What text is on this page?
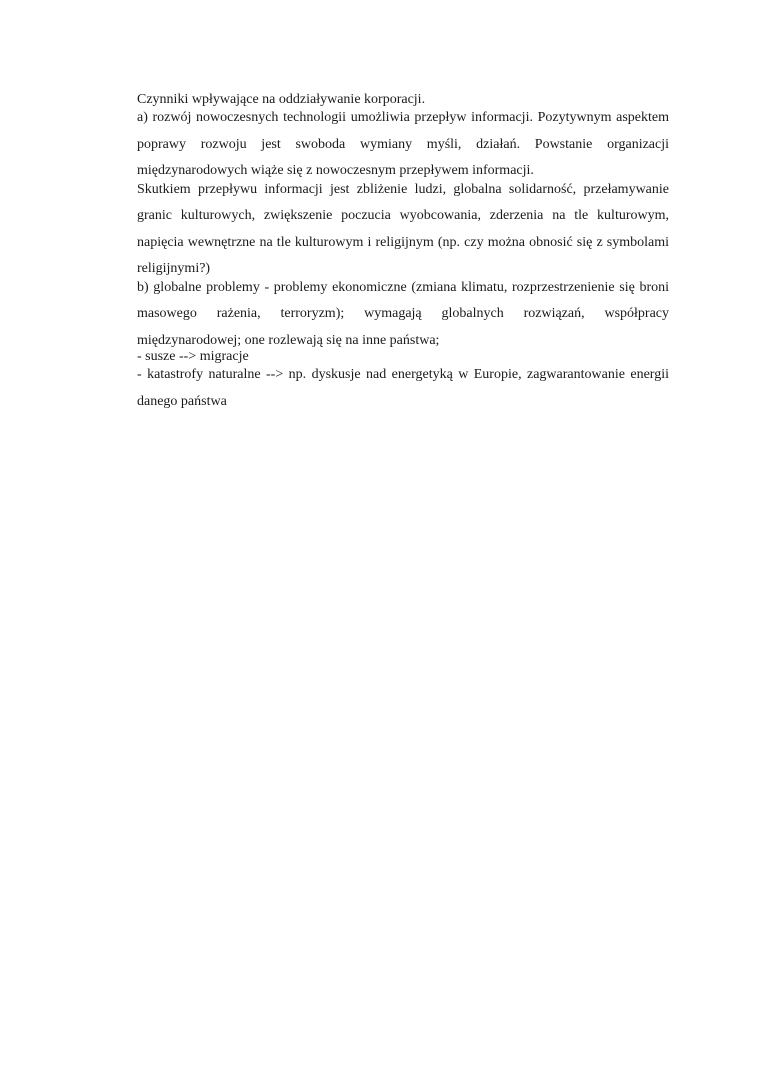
Czynniki wpływające na oddziaływanie korporacji.

a) rozwój nowoczesnych technologii umożliwia przepływ informacji. Pozytywnym aspektem poprawy rozwoju jest swoboda wymiany myśli, działań. Powstanie organizacji międzynarodowych wiąże się z nowoczesnym przepływem informacji.

Skutkiem przepływu informacji jest zbliżenie ludzi, globalna solidarność, przełamywanie granic kulturowych, zwiększenie poczucia wyobcowania, zderzenia na tle kulturowym, napięcia wewnętrzne na tle kulturowym i religijnym (np. czy można obnosić się z symbolami religijnymi?)

b) globalne problemy - problemy ekonomiczne (zmiana klimatu, rozprzestrzenienie się broni masowego rażenia, terroryzm); wymagają globalnych rozwiązań, współpracy międzynarodowej; one rozlewają się na inne państwa;

- susze --> migracje

- katastrofy naturalne --> np. dyskusje nad energetyką w Europie, zagwarantowanie energii danego państwa
